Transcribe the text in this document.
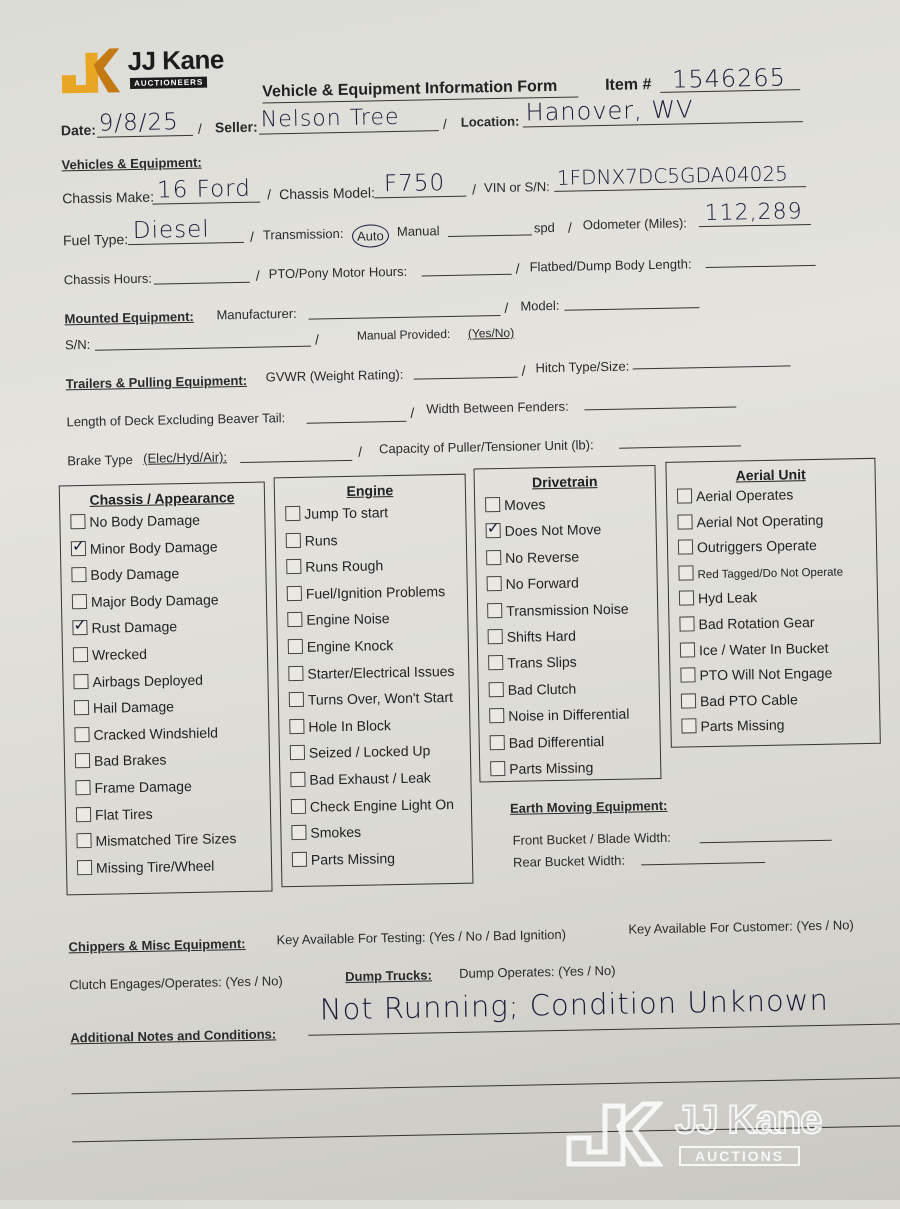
JJ Kane
AUCTIONEERS	Vehicle & Equipment Information Form	Item # 1546265
Date: 9/8/25 / Seller: Nelson Tree	/ Location: Hanover, WV
Vehicles & Equipment:
Chassis Make: 16 Ford / Chassis Model: F750 / VIN or S/N: 1FDNX7DC5GDA04025
Fuel Type: Diesel	/ Transmission:	Auto Manual	spd / Odometer (Miles): 112,289
Chassis Hours:	/ PTO/Pony Motor Hours:	/ Flatbed/Dump Body Length:
Mounted Equipment: Manufacturer:	/ Model:
S/N:	/	Manual Provided: (Yes/No)
Trailers & Pulling Equipment: GVWR (Weight Rating):	/ Hitch Type/Size:
Length of Deck Excluding Beaver Tail:	/ Width Between Fenders:
Brake Type (Elec/Hyd/Air):	/ Capacity of Puller/Tensioner Unit (lb):
Chassis / Appearance
No Body Damage
✓Minor Body Damage
Body Damage
Major Body Damage
✓Rust Damage
Wrecked
Airbags Deployed
Hail Damage
Cracked Windshield
Bad Brakes
Frame Damage
Flat Tires
Mismatched Tire Sizes
Missing Tire/Wheel
Engine
Jump To start
Runs
Runs Rough
Fuel/Ignition Problems
Engine Noise
Engine Knock
Starter/Electrical Issues
Turns Over, Won't Start
Hole In Block
Seized / Locked Up
Bad Exhaust / Leak
Check Engine Light On
Smokes
Parts Missing
Drivetrain
Moves
✓Does Not Move
No Reverse
No Forward
Transmission Noise
Shifts Hard
Trans Slips
Bad Clutch
Noise in Differential
Bad Differential
Parts Missing
Aerial Unit
Aerial Operates
Aerial Not Operating
Outriggers Operate
Red Tagged/Do Not Operate
Hyd Leak
Bad Rotation Gear
Ice / Water In Bucket
PTO Will Not Engage
Bad PTO Cable
Parts Missing
Earth Moving Equipment:
Front Bucket / Blade Width:
Rear Bucket Width:
Chippers & Misc Equipment: Key Available For Testing: (Yes / No / Bad Ignition)	Key Available For Customer: (Yes / No)
Clutch Engages/Operates: (Yes / No)	Dump Trucks: Dump Operates: (Yes / No)
Additional Notes and Conditions:
Not Running; Condition Unknown
JJ Kane
AUCTIONS
